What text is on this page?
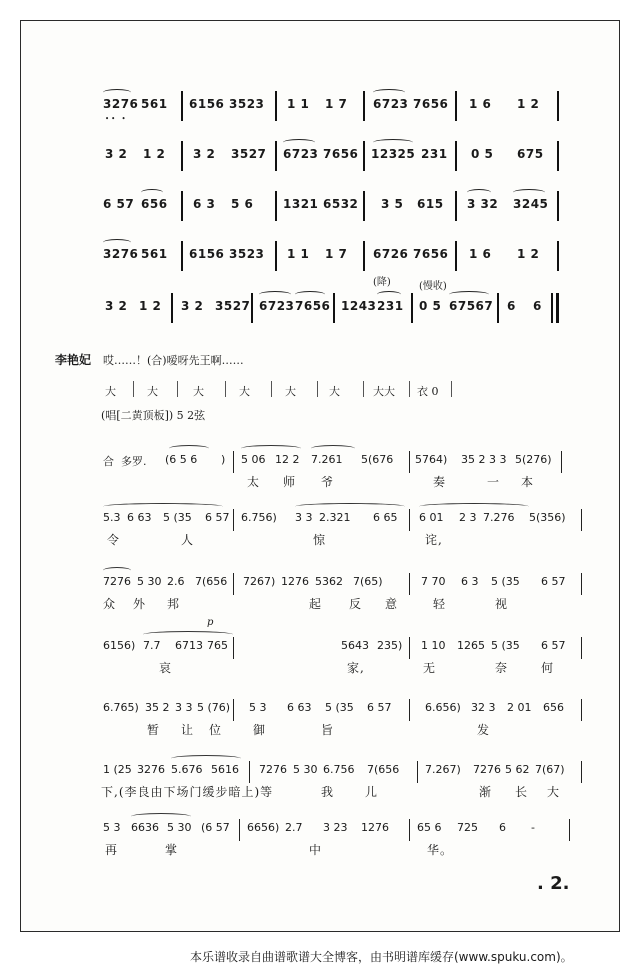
3276 561
•• •
6156 3523 1 1 1 7 6723 7656 1 6 1 2
3 2 1 2 3 2 3527 6723 7656 12325 231 0 5 675
6 57 656 6 3 5 6 1321 6532 3 5 615 3 32 3245
3276 561 6156 3523 1 1 1 7 6726 7656 1 6 1 2
(降)	(慢收)
3 2 1 2 3 2 3527 6723 7656 1243 231 0 5 67567 6 6
李艳妃 哎……！(合)嗳呀先王啊……
大	大	大	大	大	大	大大 衣 0
(唱[二黄顶板]) 5 2弦
合 多罗. (6 5 6 ) 5 06 12 2 7.261 5(676 5764) 35 2 3 3 5(276)
太 师 爷	奏	一 本
5.3 6 63 5 (35 6 57 6.756) 3 3 2.321 6 65 6 01 2 3 7.276 5(356)
令	人	惊	诧,
7276 5 30 2.6 7(656 7267) 1276 5362 7(65)	7 70 6 3 5 (35 6 57
众 外 邦	起 反 意	轻	视
p
6156) 7.7 6713 765	5643 235) 1 10 1265 5 (35 6 57
哀	家,	无	奈	何
6.765) 35 2 3 3 5 (76) 5 3 6 63 5 (35 6 57	6.656) 32 3 2 01 656
暂 让 位	御	旨	发
1 (25 3276 5.676 5616 7276 5 30 6.756 7(656 7.267) 7276 5 62 7(67)
下,(李良由下场门缓步暗上)等	我	儿	渐 长 大
5 3 6636 5 30 (6 57 6656) 2.7 3 23 1276	65 6 725 6 -
再	掌	中	华。
. 2.
本乐谱收录自曲谱歌谱大全博客，由书明谱库缓存(www.spuku.com)。
